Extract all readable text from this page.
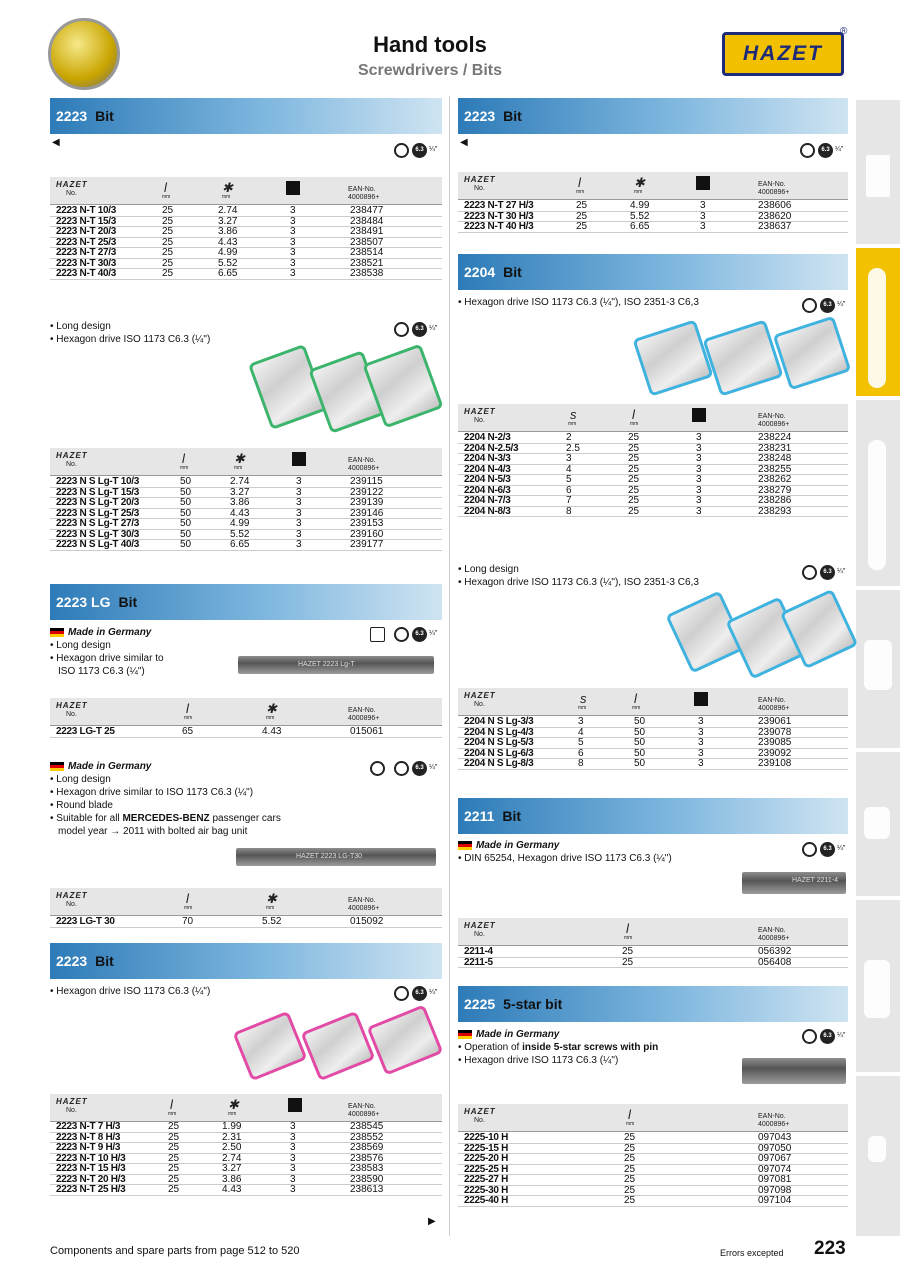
Hand tools
Screwdrivers / Bits
HAZET
®
2223 Bit
◀
6.3 ¼"
HAZET
No.	l
mm
✱
mm
EAN-No.
4000896+
2223 N-T 10/3	25	2.74	3	238477
2223 N-T 15/3	25	3.27	3	238484
2223 N-T 20/3	25	3.86	3	238491
2223 N-T 25/3	25	4.43	3	238507
2223 N-T 27/3	25	4.99	3	238514
2223 N-T 30/3	25	5.52	3	238521
2223 N-T 40/3	25	6.65	3	238538
• Long design
• Hexagon drive ISO 1173 C6.3 (¼")
6.3 ¼"
HAZET
No.	l
mm
✱
mm
EAN-No.
4000896+
2223 N S Lg-T 10/3	50	2.74	3	239115
2223 N S Lg-T 15/3	50	3.27	3	239122
2223 N S Lg-T 20/3	50	3.86	3	239139
2223 N S Lg-T 25/3	50	4.43	3	239146
2223 N S Lg-T 27/3	50	4.99	3	239153
2223 N S Lg-T 30/3	50	5.52	3	239160
2223 N S Lg-T 40/3	50	6.65	3	239177
2223 LG Bit
Made in Germany
• Long design
• Hexagon drive similar to
ISO 1173 C6.3 (¼")
6.3 ¼"
HAZET 2223 Lg-T
HAZET
No.	l
mm
✱
mm
EAN-No.
4000896+
2223 LG-T 25	65	4.43	015061
Made in Germany
• Long design
• Hexagon drive similar to ISO 1173 C6.3 (¼")
• Round blade
• Suitable for all MERCEDES-BENZ passenger cars
model year → 2011 with bolted air bag unit
6.3 ¼"
HAZET 2223 LG-T30
HAZET
No.	l
mm
✱
mm
EAN-No.
4000896+
2223 LG-T 30	70	5.52	015092
2223 Bit
• Hexagon drive ISO 1173 C6.3 (¼")	6.3 ¼"
HAZET
No.	l
mm
✱
mm
EAN-No.
4000896+
2223 N-T 7 H/3	25	1.99	3	238545
2223 N-T 8 H/3	25	2.31	3	238552
2223 N-T 9 H/3	25	2.50	3	238569
2223 N-T 10 H/3	25	2.74	3	238576
2223 N-T 15 H/3	25	3.27	3	238583
2223 N-T 20 H/3	25	3.86	3	238590
2223 N-T 25 H/3	25	4.43	3	238613
▶
2223 Bit
◀
6.3 ¼"
HAZET
No.	l
mm
✱
mm
EAN-No.
4000896+
2223 N-T 27 H/3	25	4.99	3	238606
2223 N-T 30 H/3	25	5.52	3	238620
2223 N-T 40 H/3	25	6.65	3	238637
2204 Bit
• Hexagon drive ISO 1173 C6.3 (¼"), ISO 2351-3 C6,3	6.3 ¼"
HAZET
No.	s
mm
l
mm
EAN-No.
4000896+
2204 N-2/3	2	25	3	238224
2204 N-2.5/3	2.5	25	3	238231
2204 N-3/3	3	25	3	238248
2204 N-4/3	4	25	3	238255
2204 N-5/3	5	25	3	238262
2204 N-6/3	6	25	3	238279
2204 N-7/3	7	25	3	238286
2204 N-8/3	8	25	3	238293
• Long design
• Hexagon drive ISO 1173 C6.3 (¼"), ISO 2351-3 C6,3
6.3 ¼"
HAZET
No.	s
mm
l
mm
EAN-No.
4000896+
2204 N S Lg-3/3	3	50	3	239061
2204 N S Lg-4/3	4	50	3	239078
2204 N S Lg-5/3	5	50	3	239085
2204 N S Lg-6/3	6	50	3	239092
2204 N S Lg-8/3	8	50	3	239108
2211 Bit
Made in Germany
• DIN 65254, Hexagon drive ISO 1173 C6.3 (¼")
6.3 ¼"
HAZET 2211-4
HAZET
No.	l
mm
EAN-No.
4000896+
2211-4	25	056392
2211-5	25	056408
2225 5-star bit
Made in Germany
• Operation of inside 5-star screws with pin
• Hexagon drive ISO 1173 C6.3 (¼")
6.3 ¼"
HAZET
No.	l
mm
EAN-No.
4000896+
2225-10 H	25	097043
2225-15 H	25	097050
2225-20 H	25	097067
2225-25 H	25	097074
2225-27 H	25	097081
2225-30 H	25	097098
2225-40 H	25	097104
Components and spare parts from page 512 to 520	Errors excepted 223
